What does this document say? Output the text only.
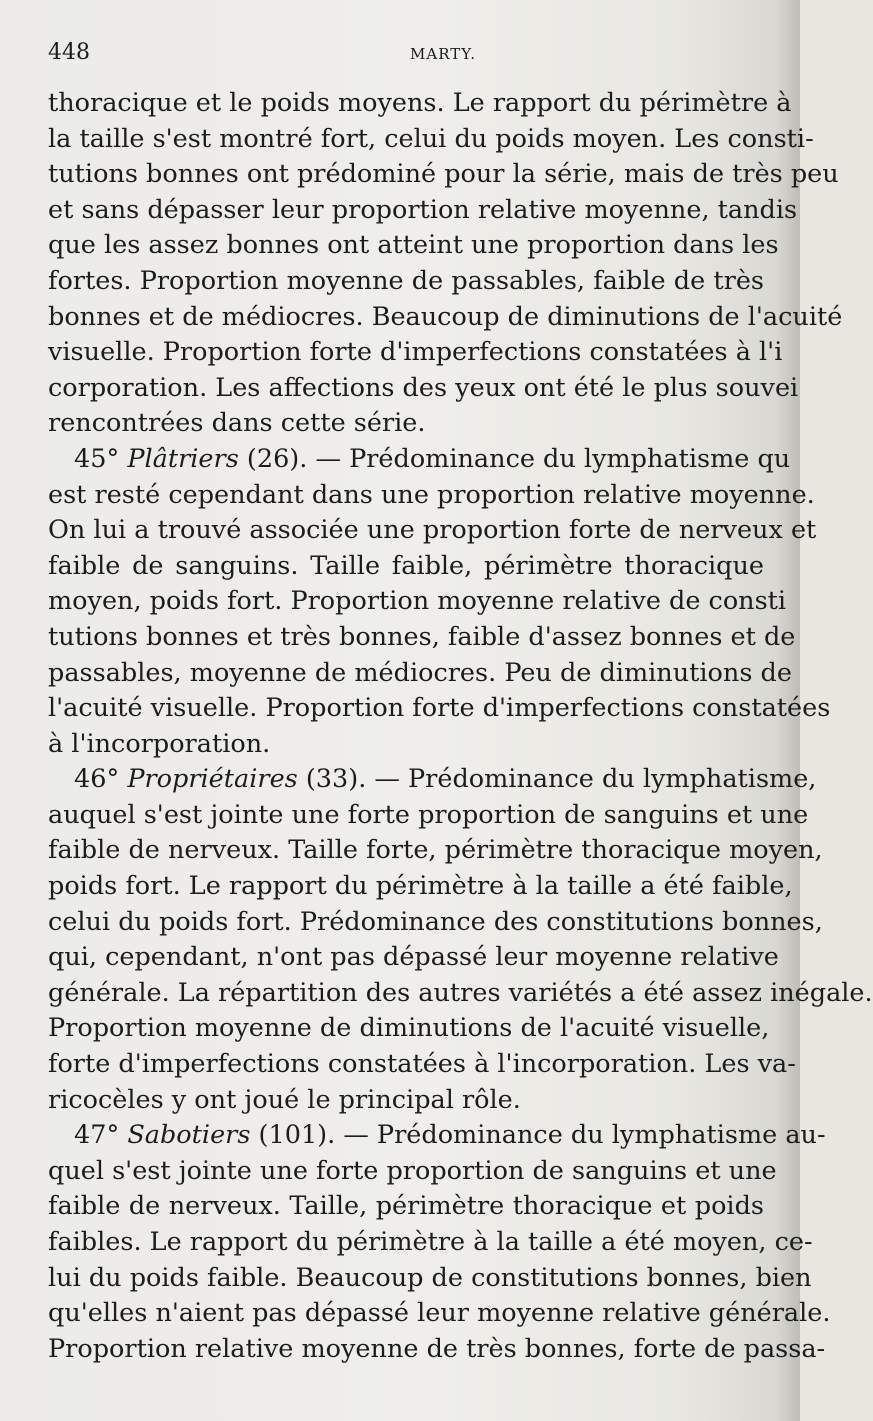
448	MARTY.
thoracique et le poids moyens. Le rapport du périmètre à
la taille s'est montré fort, celui du poids moyen. Les consti-
tutions bonnes ont prédominé pour la série, mais de très peu
et sans dépasser leur proportion relative moyenne, tandis
que les assez bonnes ont atteint une proportion dans les
fortes. Proportion moyenne de passables, faible de très
bonnes et de médiocres. Beaucoup de diminutions de l'acuité
visuelle. Proportion forte d'imperfections constatées à l'i
corporation. Les affections des yeux ont été le plus souvei
rencontrées dans cette série.
45° Plâtriers (26). — Prédominance du lymphatisme qu
est resté cependant dans une proportion relative moyenne.
On lui a trouvé associée une proportion forte de nerveux et
faible de sanguins. Taille faible, périmètre thoracique
moyen, poids fort. Proportion moyenne relative de consti
tutions bonnes et très bonnes, faible d'assez bonnes et de
passables, moyenne de médiocres. Peu de diminutions de
l'acuité visuelle. Proportion forte d'imperfections constatées
à l'incorporation.
46° Propriétaires (33). — Prédominance du lymphatisme,
auquel s'est jointe une forte proportion de sanguins et une
faible de nerveux. Taille forte, périmètre thoracique moyen,
poids fort. Le rapport du périmètre à la taille a été faible,
celui du poids fort. Prédominance des constitutions bonnes,
qui, cependant, n'ont pas dépassé leur moyenne relative
générale. La répartition des autres variétés a été assez inégale.
Proportion moyenne de diminutions de l'acuité visuelle,
forte d'imperfections constatées à l'incorporation. Les va-
ricocèles y ont joué le principal rôle.
47° Sabotiers (101). — Prédominance du lymphatisme au-
quel s'est jointe une forte proportion de sanguins et une
faible de nerveux. Taille, périmètre thoracique et poids
faibles. Le rapport du périmètre à la taille a été moyen, ce-
lui du poids faible. Beaucoup de constitutions bonnes, bien
qu'elles n'aient pas dépassé leur moyenne relative générale.
Proportion relative moyenne de très bonnes, forte de passa-
